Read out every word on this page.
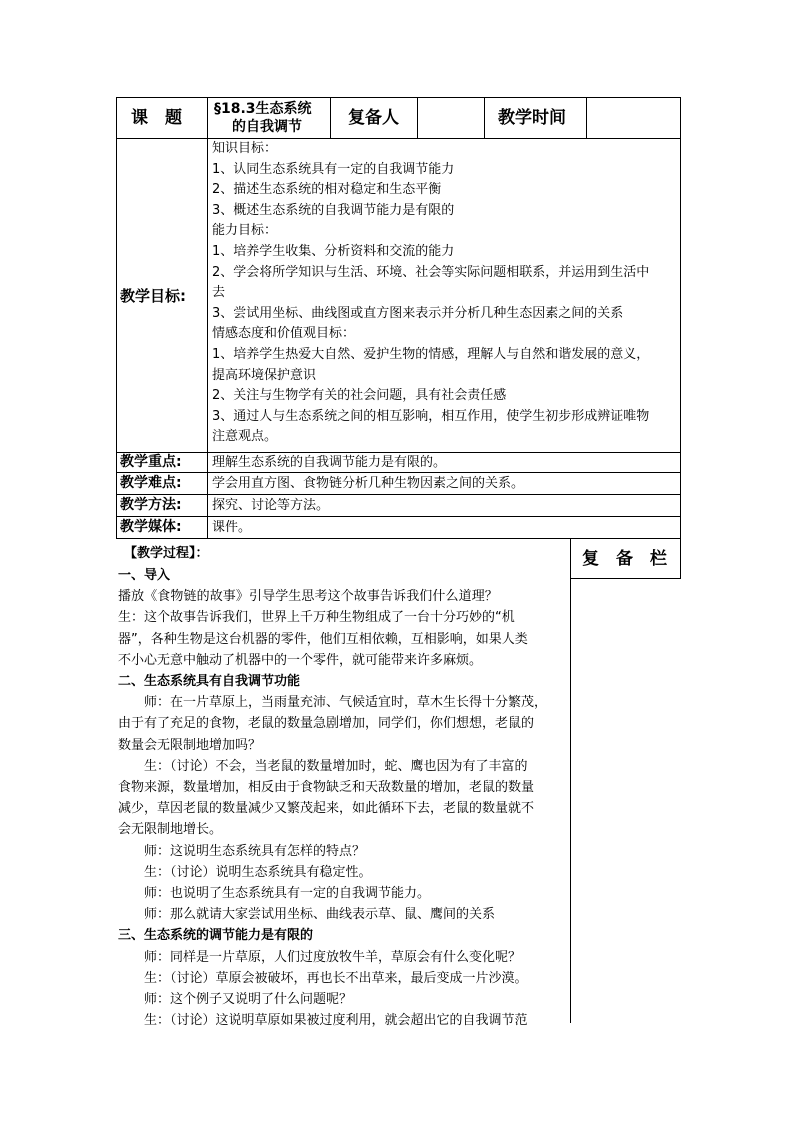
课　题 §18.3生态系统
的自我调节	复备人	教学时间
教学目标:
知识目标：
1、认同生态系统具有一定的自我调节能力
2、描述生态系统的相对稳定和生态平衡
3、概述生态系统的自我调节能力是有限的
能力目标：
1、培养学生收集、分析资料和交流的能力
2、学会将所学知识与生活、环境、社会等实际问题相联系，并运用到生活中
去
3、尝试用坐标、曲线图或直方图来表示并分析几种生态因素之间的关系
情感态度和价值观目标：
1、培养学生热爱大自然、爱护生物的情感，理解人与自然和谐发展的意义，
提高环境保护意识
2、关注与生物学有关的社会问题，具有社会责任感
3、通过人与生态系统之间的相互影响，相互作用，使学生初步形成辨证唯物
注意观点。
教学重点: 理解生态系统的自我调节能力是有限的。
教学难点: 学会用直方图、食物链分析几种生物因素之间的关系。
教学方法: 探究、讨论等方法。
教学媒体: 课件。
复　备　栏
【教学过程】：
一、导入
播放《食物链的故事》引导学生思考这个故事告诉我们什么道理？
生：这个故事告诉我们，世界上千万种生物组成了一台十分巧妙的“机
器”，各种生物是这台机器的零件，他们互相依赖，互相影响，如果人类
不小心无意中触动了机器中的一个零件，就可能带来许多麻烦。
二、生态系统具有自我调节功能
　　师：在一片草原上，当雨量充沛、气候适宜时，草木生长得十分繁茂，
由于有了充足的食物，老鼠的数量急剧增加，同学们，你们想想，老鼠的
数量会无限制地增加吗？
　　生：（讨论）不会，当老鼠的数量增加时，蛇、鹰也因为有了丰富的
食物来源，数量增加，相反由于食物缺乏和天敌数量的增加，老鼠的数量
减少，草因老鼠的数量减少又繁茂起来，如此循环下去，老鼠的数量就不
会无限制地增长。
　　师：这说明生态系统具有怎样的特点？
　　生：（讨论）说明生态系统具有稳定性。
　　师：也说明了生态系统具有一定的自我调节能力。
　　师：那么就请大家尝试用坐标、曲线表示草、鼠、鹰间的关系
三、生态系统的调节能力是有限的
　　师：同样是一片草原，人们过度放牧牛羊，草原会有什么变化呢？
　　生：（讨论）草原会被破坏，再也长不出草来，最后变成一片沙漠。
　　师：这个例子又说明了什么问题呢？
　　生：（讨论）这说明草原如果被过度利用，就会超出它的自我调节范
